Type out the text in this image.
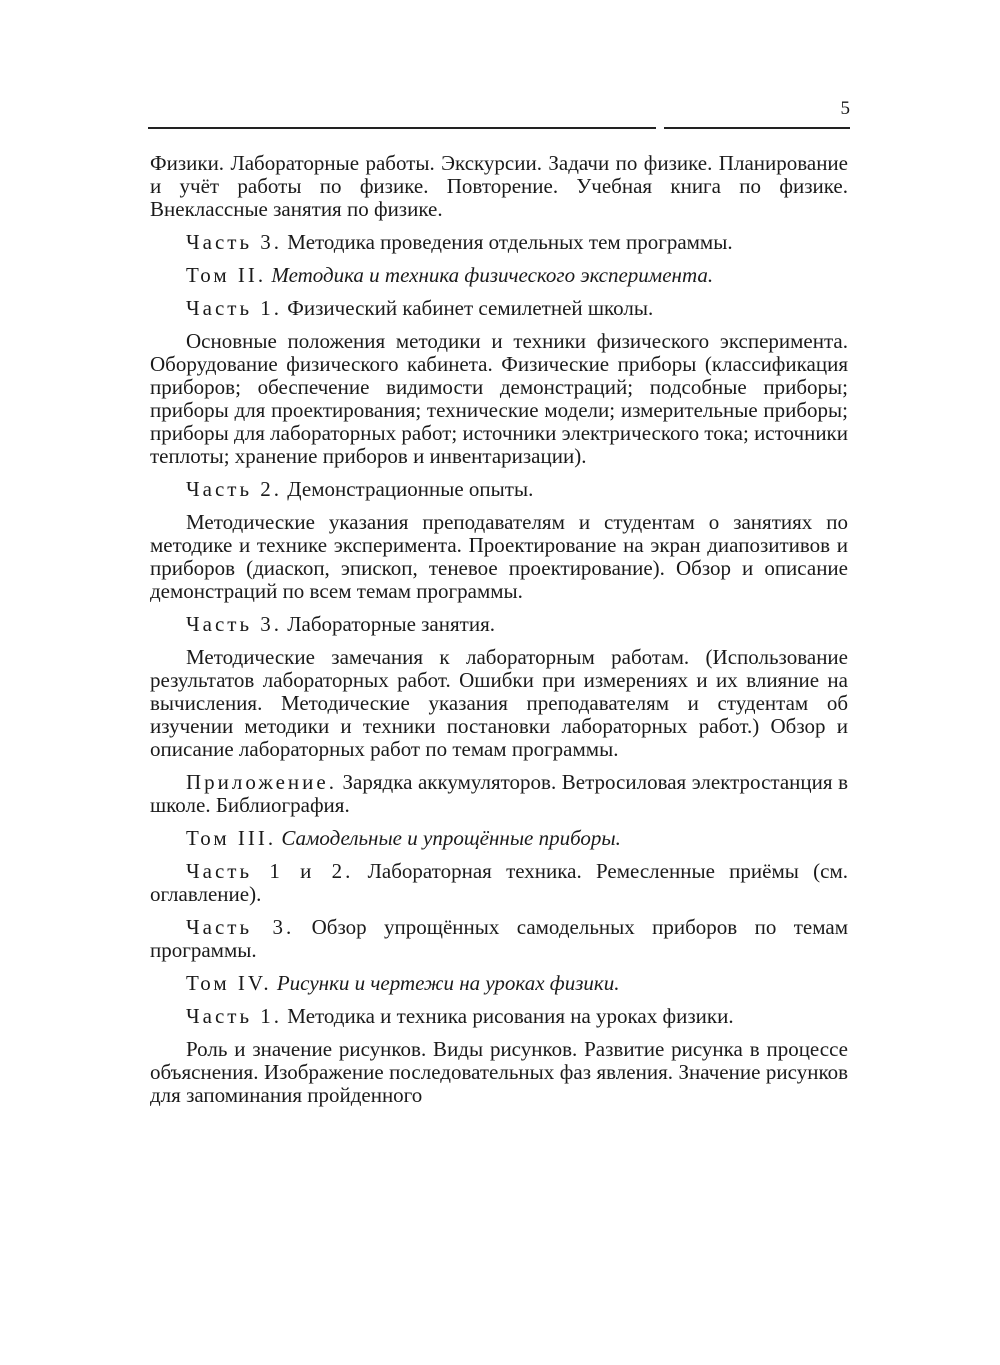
5

Физики. Лабораторные работы. Экскурсии. Задачи по физике. Планирование и учёт работы по физике. Повторение. Учебная книга по физике. Внеклассные занятия по физике.

Часть 3. Методика проведения отдельных тем программы.

Том II. Методика и техника физического эксперимента.

Часть 1. Физический кабинет семилетней школы.

Основные положения методики и техники физического эксперимента. Оборудование физического кабинета. Физические приборы (классификация приборов; обеспечение видимости демонстраций; подсобные приборы; приборы для проектирования; технические модели; измерительные приборы; приборы для лабораторных работ; источники электрического тока; источники теплоты; хранение приборов и инвентаризации).

Часть 2. Демонстрационные опыты.

Методические указания преподавателям и студентам о занятиях по методике и технике эксперимента. Проектирование на экран диапозитивов и приборов (диаскоп, эпископ, теневое проектирование). Обзор и описание демонстраций по всем темам программы.

Часть 3. Лабораторные занятия.

Методические замечания к лабораторным работам. (Использование результатов лабораторных работ. Ошибки при измерениях и их влияние на вычисления. Методические указания преподавателям и студентам об изучении методики и техники постановки лабораторных работ.) Обзор и описание лабораторных работ по темам программы.

Приложение. Зарядка аккумуляторов. Ветросиловая электростанция в школе. Библиография.

Том III. Самодельные и упрощённые приборы.

Часть 1 и 2. Лабораторная техника. Ремесленные приёмы (см. оглавление).

Часть 3. Обзор упрощённых самодельных приборов по темам программы.

Том IV. Рисунки и чертежи на уроках физики.

Часть 1. Методика и техника рисования на уроках физики.

Роль и значение рисунков. Виды рисунков. Развитие рисунка в процессе объяснения. Изображение последовательных фаз явления. Значение рисунков для запоминания пройденного
